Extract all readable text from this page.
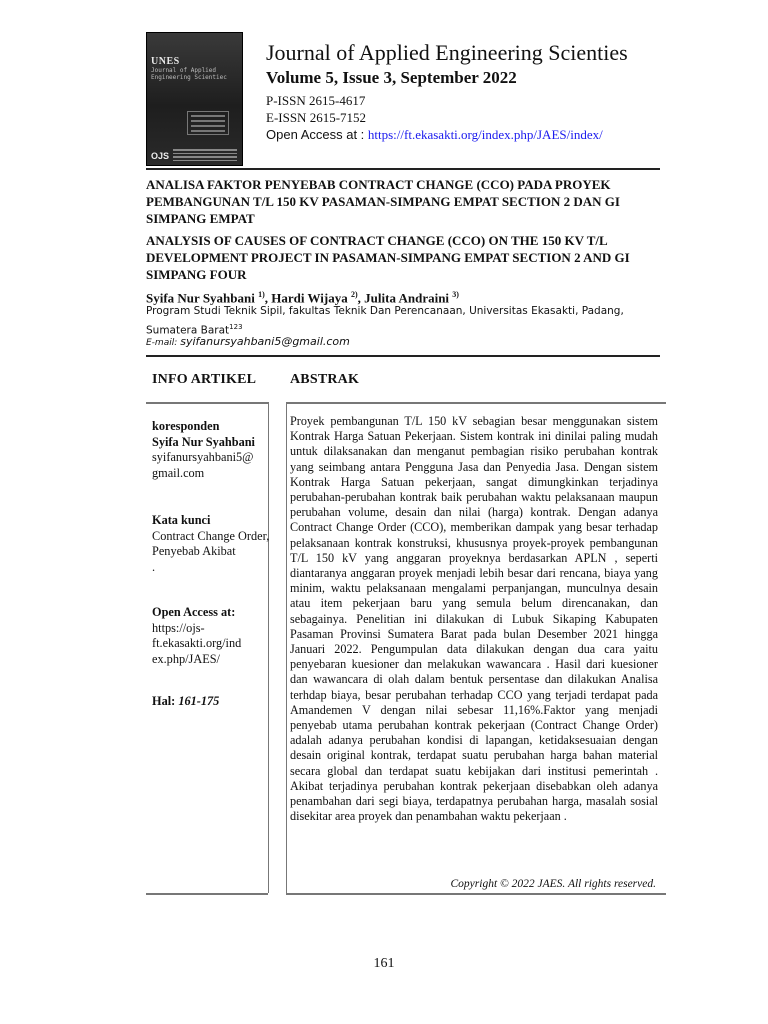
UNES
Journal of Applied Engineering Scientiec
OJS
Journal of Applied Engineering Scienties
Volume 5, Issue 3, September 2022
P-ISSN 2615-4617
E-ISSN 2615-7152
Open Access at : https://ft.ekasakti.org/index.php/JAES/index/
ANALISA FAKTOR PENYEBAB CONTRACT CHANGE (CCO) PADA PROYEK PEMBANGUNAN T/L 150 KV PASAMAN-SIMPANG EMPAT SECTION 2 DAN GI SIMPANG EMPAT
ANALYSIS OF CAUSES OF CONTRACT CHANGE (CCO) ON THE 150 KV T/L DEVELOPMENT PROJECT IN PASAMAN-SIMPANG EMPAT SECTION 2 AND GI SIMPANG FOUR
Syifa Nur Syahbani $^{1)}$, Hardi Wijaya $^{2)}$, Julita Andraini $^{3)}$
Program Studi Teknik Sipil, fakultas Teknik Dan Perencanaan, Universitas Ekasakti, Padang, Sumatera Barat$^{123}$
E-mail: syifanursyahbani5@gmail.com
INFO ARTIKEL ABSTRAK
koresponden
Syifa Nur Syahbani
syifanursyahbani5@ gmail.com
Kata kunci
Contract Change Order, Penyebab Akibat
.
Open Access at:
https://ojs-ft.ekasakti.org/ind ex.php/JAES/
Hal: 161-175
Proyek pembangunan T/L 150 kV sebagian besar menggunakan sistem Kontrak Harga Satuan Pekerjaan. Sistem kontrak ini dinilai paling mudah untuk dilaksanakan dan menganut pembagian risiko perubahan kontrak yang seimbang antara Pengguna Jasa dan Penyedia Jasa. Dengan sistem Kontrak Harga Satuan pekerjaan, sangat dimungkinkan terjadinya perubahan-perubahan kontrak baik perubahan waktu pelaksanaan maupun perubahan volume, desain dan nilai (harga) kontrak. Dengan adanya Contract Change Order (CCO), memberikan dampak yang besar terhadap pelaksanaan kontrak konstruksi, khususnya proyek-proyek pembangunan T/L 150 kV yang anggaran proyeknya berdasarkan APLN , seperti diantaranya anggaran proyek menjadi lebih besar dari rencana, biaya yang minim, waktu pelaksanaan mengalami perpanjangan, munculnya desain atau item pekerjaan baru yang semula belum direncanakan, dan sebagainya. Penelitian ini dilakukan di Lubuk Sikaping Kabupaten Pasaman Provinsi Sumatera Barat pada bulan Desember 2021 hingga Januari 2022. Pengumpulan data dilakukan dengan dua cara yaitu penyebaran kuesioner dan melakukan wawancara . Hasil dari kuesioner dan wawancara di olah dalam bentuk persentase dan dilakukan Analisa terhdap biaya, besar perubahan terhadap CCO yang terjadi terdapat pada Amandemen V dengan nilai sebesar 11,16%.Faktor yang menjadi penyebab utama perubahan kontrak pekerjaan (Contract Change Order) adalah adanya perubahan kondisi di lapangan, ketidaksesuaian dengan desain original kontrak, terdapat suatu perubahan harga bahan material secara global dan terdapat suatu kebijakan dari institusi pemerintah . Akibat terjadinya perubahan kontrak pekerjaan disebabkan oleh adanya penambahan dari segi biaya, terdapatnya perubahan harga, masalah sosial disekitar area proyek dan penambahan waktu pekerjaan .
Copyright © 2022 JAES. All rights reserved.
161
